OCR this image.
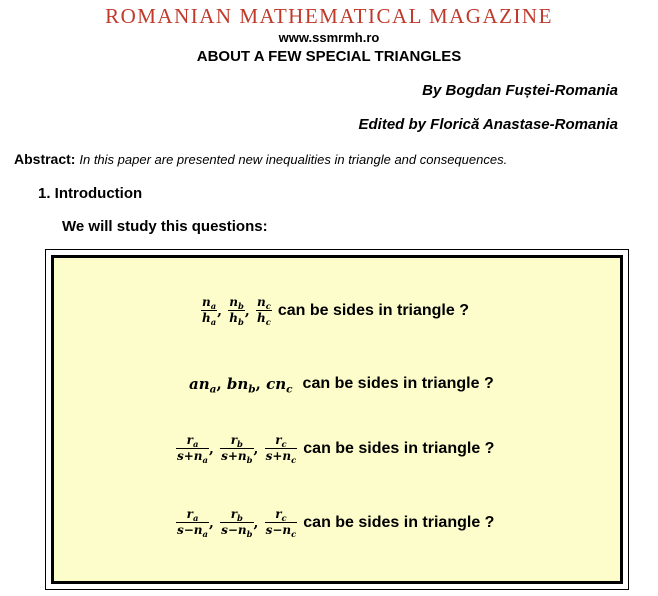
ROMANIAN MATHEMATICAL MAGAZINE
www.ssmrmh.ro
ABOUT A FEW SPECIAL TRIANGLES
By Bogdan Fuștei-Romania
Edited by Florică Anastase-Romania
Abstract: In this paper are presented new inequalities in triangle and consequences.
1. Introduction
We will study this questions:
$\frac{n_a}{h_a}$ , $\frac{n_b}{h_b}$ , $\frac{n_c}{h_c}$ can be sides in triangle ?
$an_a$, $bn_b$, $cn_c$ can be sides in triangle ?
$\frac{r_a}{s+n_a}$ , $\frac{r_b}{s+n_b}$ , $\frac{r_c}{s+n_c}$ can be sides in triangle ?
$\frac{r_a}{s-n_a}$ , $\frac{r_b}{s-n_b}$ , $\frac{r_c}{s-n_c}$ can be sides in triangle ?
